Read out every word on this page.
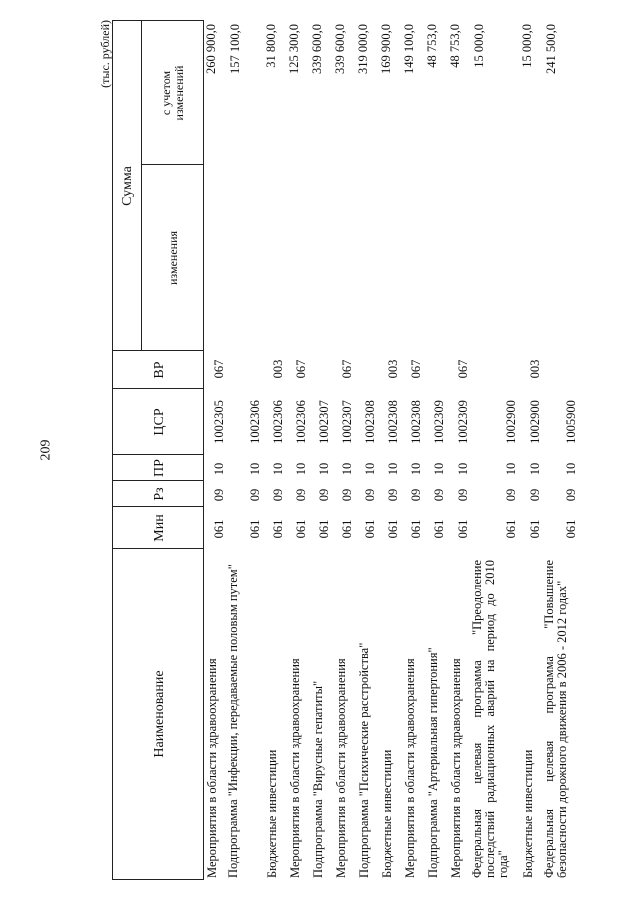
209
(тыс. рублей)
Наименование
Мин
Рз
ПР
ЦСР
ВР
Сумма
изменения
с учетом изменений
Мероприятия в области здравоохранения
061
09
10
1002305
067
260 900,0
Подпрограмма "Инфекции, передаваемые половым путем"
061
09
10
1002306
157 100,0
Бюджетные инвестиции
061
09
10
1002306
003
31 800,0
Мероприятия в области здравоохранения
061
09
10
1002306
067
125 300,0
Подпрограмма "Вирусные гепатиты"
061
09
10
1002307
339 600,0
Мероприятия в области здравоохранения
061
09
10
1002307
067
339 600,0
Подпрограмма "Психические расстройства"
061
09
10
1002308
319 000,0
Бюджетные инвестиции
061
09
10
1002308
003
169 900,0
Мероприятия в области здравоохранения
061
09
10
1002308
067
149 100,0
Подпрограмма "Артериальная гипертония"
061
09
10
1002309
48 753,0
Мероприятия в области здравоохранения
061
09
10
1002309
067
48 753,0
Федеральная целевая программа "Преодоление последствий радиационных аварий на период до 2010 года"
061
09
10
1002900
15 000,0
Бюджетные инвестиции
061
09
10
1002900
003
15 000,0
Федеральная целевая программа "Повышение безопасности дорожного движения в 2006 - 2012 годах"
061
09
10
1005900
241 500,0
